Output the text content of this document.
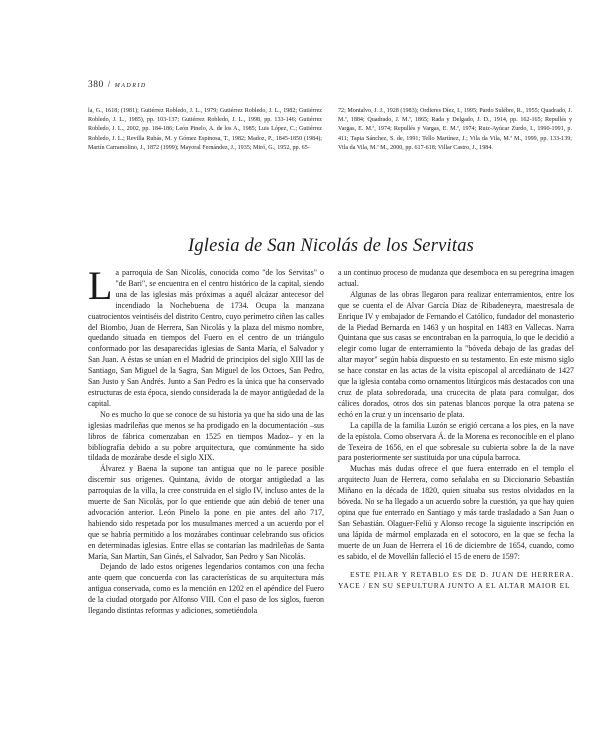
380 / madrid
la, G., 1618; (1981); Gutiérrez Robledo, J. L., 1979; Gutiérrez Robledo, J. L., 1982; Gutiérrez Robledo, J. L., 1985), pp. 103-137; Gutiérrez Robledo, J. L., 1998, pp. 133-146; Gutiérrez Robledo, J. L., 2002, pp. 184-186; León Pinelo, A. de los A., 1985; Luis López, C.; Gutiérrez Robledo, J. L.; Revilla Rubás, M. y Gómez Espinosa, T., 1982; Madoz, P., 1845-1850 (1984); Martín Carramolino, J., 1872 (1999); Mayoral Fernández, J., 1935; Miró, G., 1952, pp. 65-
72; Montalvo, J. J., 1928 (1983); Ordieres Díez, I., 1995; Pardo Sulébre, R., 1955; Quadrado, J. M.ª, 1884; Quadrado, J. M.ª, 1865; Rada y Delgado, J. D., 1914, pp. 162-165; Repullés y Vargas, E. M.ª, 1974; Repullés y Vargas, E. M.ª, 1974; Ruiz-Ayúcar Zurdo, I., 1990-1991, p. 411; Tapia Sánchez, S. de, 1991; Tello Martínez, J.; Vila da Vila, M.ª M., 1999, pp. 133-139; Vila da Vila, M.ª M., 2000, pp. 617-618; Villar Castro, J., 1984.
Iglesia de San Nicolás de los Servitas

La parroquia de San Nicolás, conocida como "de los Servitas" o "de Bari", se encuentra en el centro histórico de la capital, siendo una de las iglesias más próximas a aquél alcázar antecesor del incendiado la Nochebuena de 1734. Ocupa la manzana cuatrocientos veintiséis del distrito Centro, cuyo perímetro ciñen las calles del Biombo, Juan de Herrera, San Nicolás y la plaza del mismo nombre, quedando situada en tiempos del Fuero en el centro de un triángulo conformado por las desaparecidas iglesias de Santa María, el Salvador y San Juan. A éstas se unían en el Madrid de principios del siglo XIII las de Santiago, San Miguel de la Sagra, San Miguel de los Octoes, San Pedro, San Justo y San Andrés. Junto a San Pedro es la única que ha conservado estructuras de esta época, siendo considerada la de mayor antigüedad de la capital.

No es mucho lo que se conoce de su historia ya que ha sido una de las iglesias madrileñas que menos se ha prodigado en la documentación –sus libros de fábrica comenzaban en 1525 en tiempos Madoz– y en la bibliografía debido a su pobre arquitectura, que comúnmente ha sido tildada de mozárabe desde el siglo XIX.

Álvarez y Baena la supone tan antigua que no le parece posible discernir sus orígenes. Quintana, ávido de otorgar antigüedad a las parroquias de la villa, la cree construida en el siglo IV, incluso antes de la muerte de San Nicolás, por lo que entiende que aún debió de tener una advocación anterior. León Pinelo la pone en pie antes del año 717, habiendo sido respetada por los musulmanes merced a un acuerdo por el que se habría permitido a los mozárabes continuar celebrando sus oficios en determinadas iglesias. Entre ellas se contarían las madrileñas de Santa María, San Martín, San Ginés, el Salvador, San Pedro y San Nicolás.

Dejando de lado estos orígenes legendarios contamos con una fecha ante quem que concuerda con las características de su arquitectura más antigua conservada, como es la mención en 1202 en el apéndice del Fuero de la ciudad otorgado por Alfonso VIII. Con el paso de los siglos, fueron llegando distintas reformas y adiciones, sometiéndola

a un continuo proceso de mudanza que desemboca en su peregrina imagen actual.

Algunas de las obras llegaron para realizar enterramientos, entre los que se cuenta el de Alvar García Díaz de Ribadeneyra, maestresala de Enrique IV y embajador de Fernando el Católico, fundador del monasterio de la Piedad Bernarda en 1463 y un hospital en 1483 en Vallecas. Narra Quintana que sus casas se encontraban en la parroquia, lo que le decidió a elegir como lugar de enterramiento la "bóveda debajo de las gradas del altar mayor" según había dispuesto en su testamento. En este mismo siglo se hace constar en las actas de la visita episcopal al arcediánato de 1427 que la iglesia contaba como ornamentos litúrgicos más destacados con una cruz de plata sobredorada, una crucecita de plata para comulgar, dos cálices dorados, otros dos sin patenas blancos porque la otra patena se echó en la cruz y un incensario de plata.

La capilla de la familia Luzón se erigió cercana a los pies, en la nave de la epístola. Como observara Á. de la Morena es reconocible en el plano de Texeira de 1656, en el que sobresale su cubierta sobre la de la nave para posteriormente ser sustituida por una cúpula barroca.

Muchas más dudas ofrece el que fuera enterrado en el templo el arquitecto Juan de Herrera, como señalaba en su Diccionario Sebastián Miñano en la década de 1820, quien situaba sus restos olvidados en la bóveda. No se ha llegado a un acuerdo sobre la cuestión, ya que hay quien opina que fue enterrado en Santiago y más tarde trasladado a San Juan o San Sebastián. Olaguer-Feliú y Alonso recoge la siguiente inscripción en una lápida de mármol emplazada en el sotocoro, en la que se fecha la muerte de un Juan de Herrera el 16 de diciembre de 1654, cuando, como es sabido, el de Movellán falleció el 15 de enero de 1597:

ESTE PILAR Y RETABLO ES DE D. JUAN DE HERRERA. YACE / EN SU SEPULTURA JUNTO A EL ALTAR MAIOR EL
